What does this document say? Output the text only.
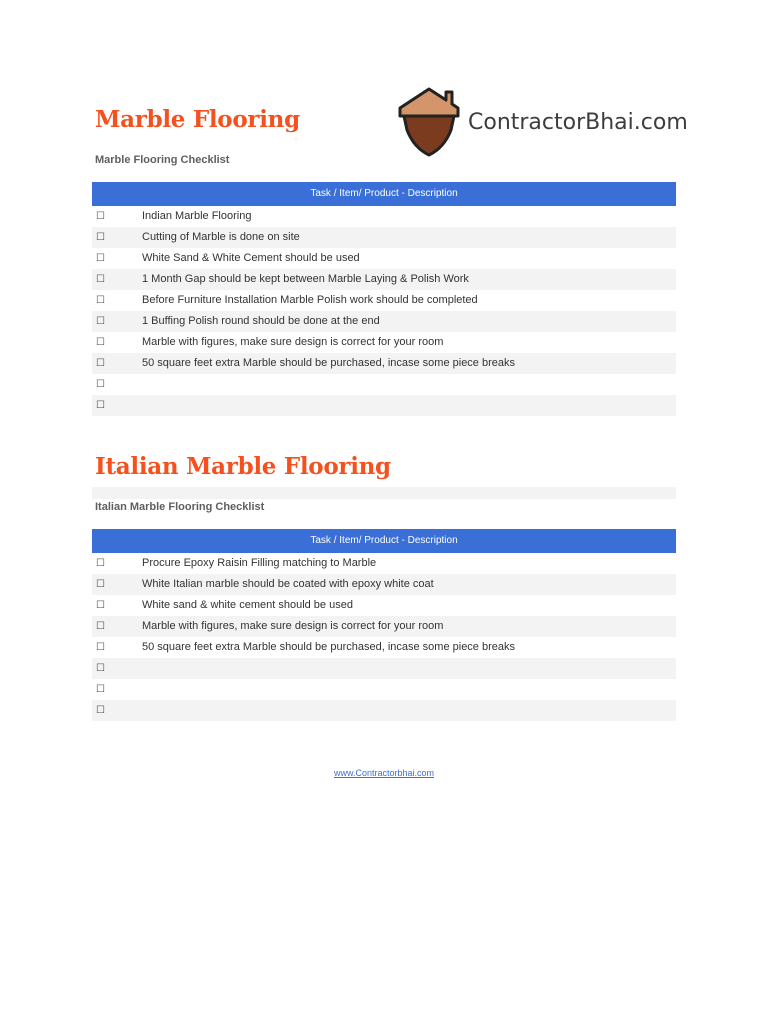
Marble Flooring	ContractorBhai.com
Marble Flooring Checklist
Task / Item/ Product - Description
☐	Indian Marble Flooring
☐	Cutting of Marble is done on site
☐	White Sand & White Cement should be used
☐	1 Month Gap should be kept between Marble Laying & Polish Work
☐	Before Furniture Installation Marble Polish work should be completed
☐	1 Buffing Polish round should be done at the end
☐	Marble with figures, make sure design is correct for your room
☐	50 square feet extra Marble should be purchased, incase some piece breaks
☐
☐
Italian Marble Flooring
Italian Marble Flooring Checklist
Task / Item/ Product - Description
☐	Procure Epoxy Raisin Filling matching to Marble
☐	White Italian marble should be coated with epoxy white coat
☐	White sand & white cement should be used
☐	Marble with figures, make sure design is correct for your room
☐	50 square feet extra Marble should be purchased, incase some piece breaks
☐
☐
☐
www.Contractorbhai.com
